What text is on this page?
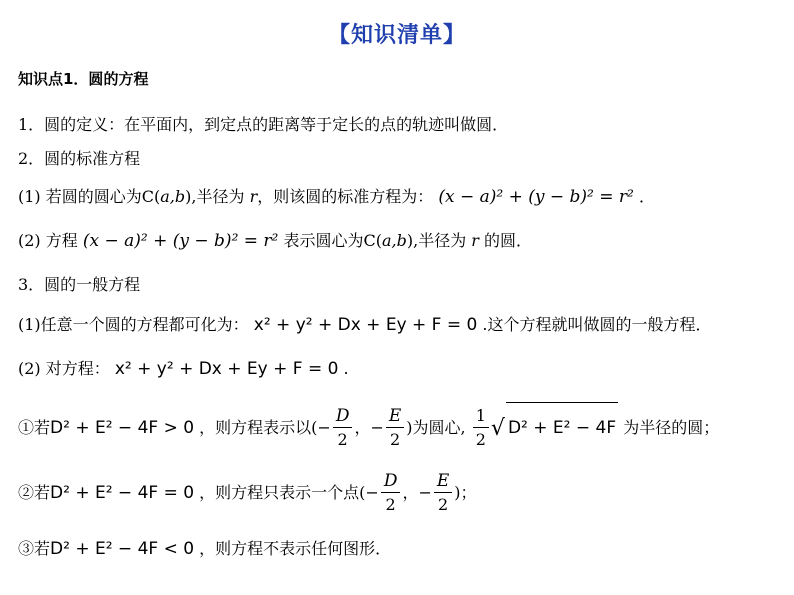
【知识清单】
知识点1．圆的方程
1．圆的定义：在平面内，到定点的距离等于定长的点的轨迹叫做圆．
2．圆的标准方程
(1) 若圆的圆心为C(a,b),半径为 r，则该圆的标准方程为： (x − a)² + (y − b)² = r² ．
(2) 方程 (x − a)² + (y − b)² = r² 表示圆心为C(a,b),半径为 r 的圆．
3．圆的一般方程
(1)任意一个圆的方程都可化为： x² + y² + Dx + Ey + F = 0 .这个方程就叫做圆的一般方程．
(2) 对方程： x² + y² + Dx + Ey + F = 0 .
①若D² + E² − 4F > 0 ，则方程表示以(− $\frac{D}{2}$ ，− $\frac{E}{2}$ )为圆心, $\frac{1}{2}$ √ D² + E² − 4F 为半径的圆；
②若D² + E² − 4F = 0 ，则方程只表示一个点(− $\frac{D}{2}$ ，− $\frac{E}{2}$ )；
③若D² + E² − 4F < 0 ，则方程不表示任何图形．
